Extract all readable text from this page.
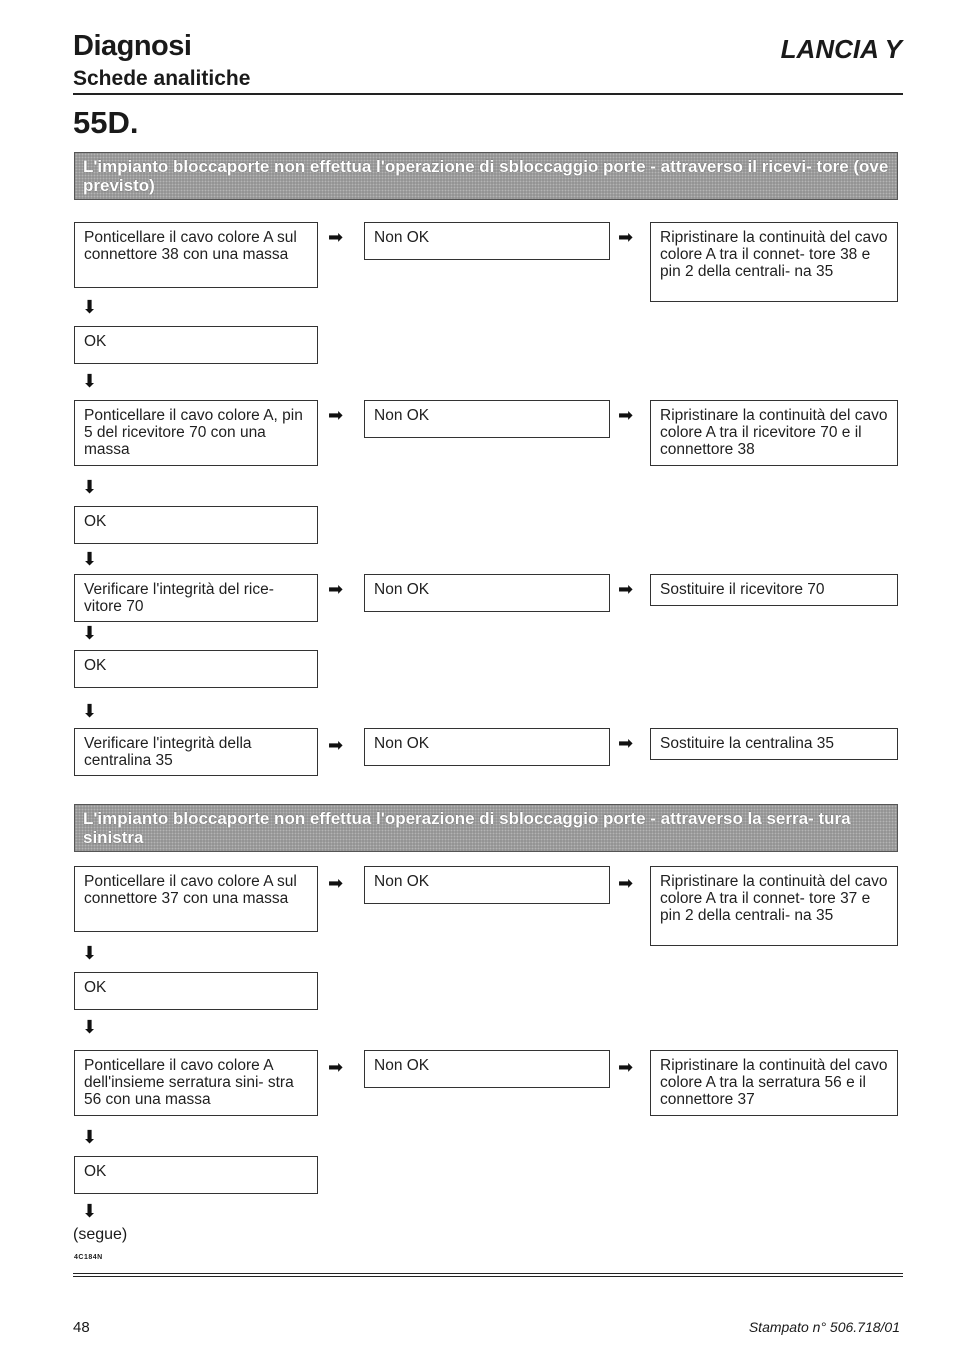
Diagnosi
Schede analitiche
LANCIA Y
55D.
L'impianto bloccaporte non effettua l'operazione di sbloccaggio porte - attraverso il ricevi- tore (ove previsto)
Ponticellare il cavo colore A sul connettore 38 con una massa
➡	Non OK	➡	Ripristinare la continuità del cavo colore A tra il connet- tore 38 e pin 2 della centrali- na 35
⬇
OK
⬇
Ponticellare il cavo colore A, pin 5 del ricevitore 70 con una massa
➡	Non OK	➡	Ripristinare la continuità del cavo colore A tra il ricevitore 70 e il connettore 38
⬇
OK
⬇
Verificare l'integrità del rice- vitore 70
➡	Non OK	➡	Sostituire il ricevitore 70
⬇
OK
⬇
Verificare l'integrità della centralina 35
➡	Non OK	➡	Sostituire la centralina 35
L'impianto bloccaporte non effettua l'operazione di sbloccaggio porte - attraverso la serra- tura sinistra
Ponticellare il cavo colore A sul connettore 37 con una massa
➡	Non OK	➡	Ripristinare la continuità del cavo colore A tra il connet- tore 37 e pin 2 della centrali- na 35
⬇
OK
⬇
Ponticellare il cavo colore A dell'insieme serratura sini- stra 56 con una massa
➡	Non OK	➡	Ripristinare la continuità del cavo colore A tra la serratura 56 e il connettore 37
⬇
OK
⬇
(segue)
4C184N
48	Stampato n° 506.718/01
